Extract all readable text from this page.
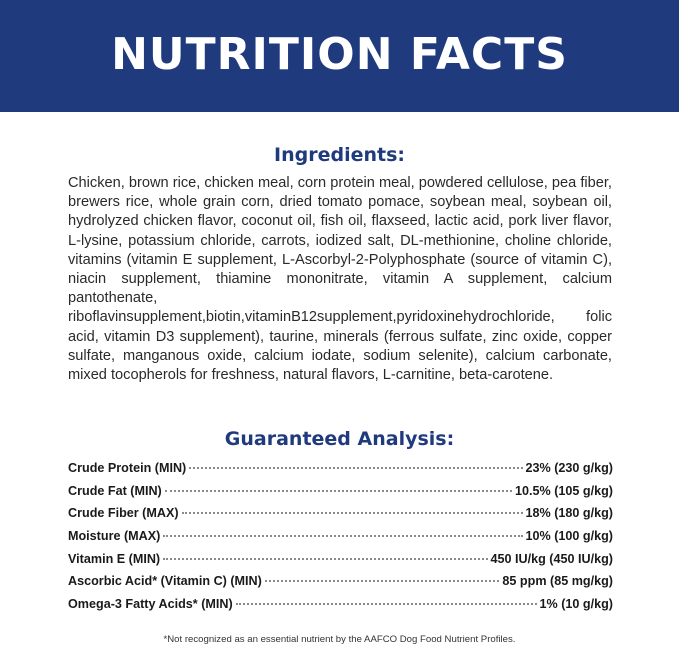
NUTRITION FACTS
Ingredients:
Chicken, brown rice, chicken meal, corn protein meal, powdered cellulose, pea fiber, brewers rice, whole grain corn, dried tomato pomace, soybean meal, soybean oil, hydrolyzed chicken flavor, coconut oil, fish oil, flaxseed, lactic acid, pork liver flavor, L-lysine, potassium chloride, carrots, iodized salt, DL-methionine, choline chloride, vitamins (vitamin E supplement, L-Ascorbyl-2-Polyphosphate (source of vitamin C), niacin supplement, thiamine mononitrate, vitamin A supplement, calcium pantothenate, riboflavinsupplement,biotin,vitaminB12supplement,pyridoxinehydrochloride, folic acid, vitamin D3 supplement), taurine, minerals (ferrous sulfate, zinc oxide, copper sulfate, manganous oxide, calcium iodate, sodium selenite), calcium carbonate, mixed tocopherols for freshness, natural flavors, L-carnitine, beta-carotene.
Guaranteed Analysis:
Crude Protein (MIN)	23% (230 g/kg)
Crude Fat (MIN)	10.5% (105 g/kg)
Crude Fiber (MAX)	18% (180 g/kg)
Moisture (MAX)	10% (100 g/kg)
Vitamin E (MIN)	450 IU/kg (450 IU/kg)
Ascorbic Acid* (Vitamin C) (MIN)	85 ppm (85 mg/kg)
Omega-3 Fatty Acids* (MIN)	1% (10 g/kg)
*Not recognized as an essential nutrient by the AAFCO Dog Food Nutrient Profiles.
